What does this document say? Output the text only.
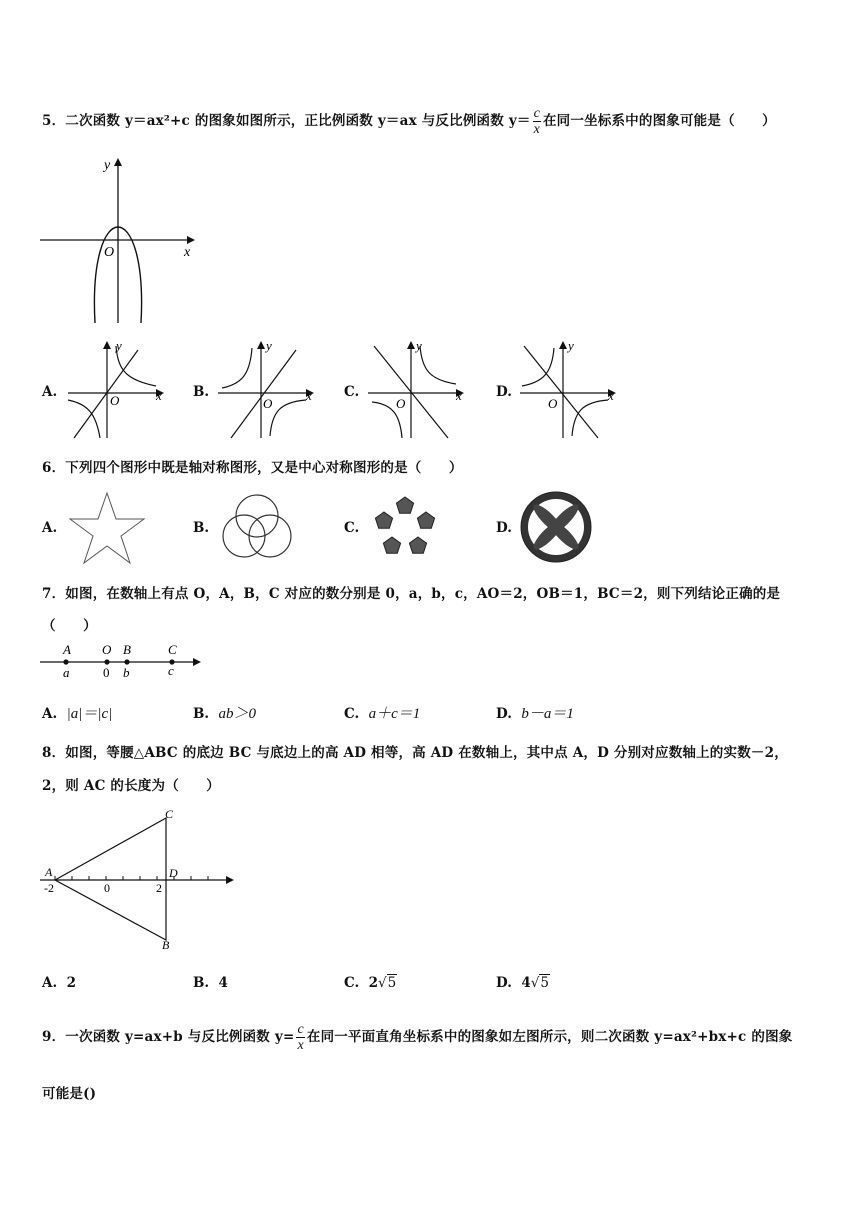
5．二次函数 y＝ax²+c 的图象如图所示，正比例函数 y＝ax 与反比例函数 $y= \frac{c}{x}$ 在同一坐标系中的图象可能是（　　）
y
x
O
A.
y
x
O
B.
y
x
O
C.
y
x
O
D.
y
x
O
6．下列四个图形中既是轴对称图形，又是中心对称图形的是（　　）
A.	B.	C.	D.
7．如图，在数轴上有点 O，A，B，C 对应的数分别是 0，a，b，c，AO＝2，OB＝1，BC＝2，则下列结论正确的是
（　　）
A
a
O
0
B
b
C
c
A. |a|＝|c|	B. ab＞0	C. a＋c＝1	D. b－a＝1
8．如图，等腰△ABC 的底边 BC 与底边上的高 AD 相等，高 AD 在数轴上，其中点 A，D 分别对应数轴上的实数－2，
2，则 AC 的长度为（　　）
A
-2	0	2
D
C
B
A. 2	B. 4	C. 2√5	D. 4√5
9．一次函数 y=ax+b 与反比例函数 $y= \frac{c}{x}$ 在同一平面直角坐标系中的图象如左图所示，则二次函数 y=ax²+bx+c 的图象
可能是()
